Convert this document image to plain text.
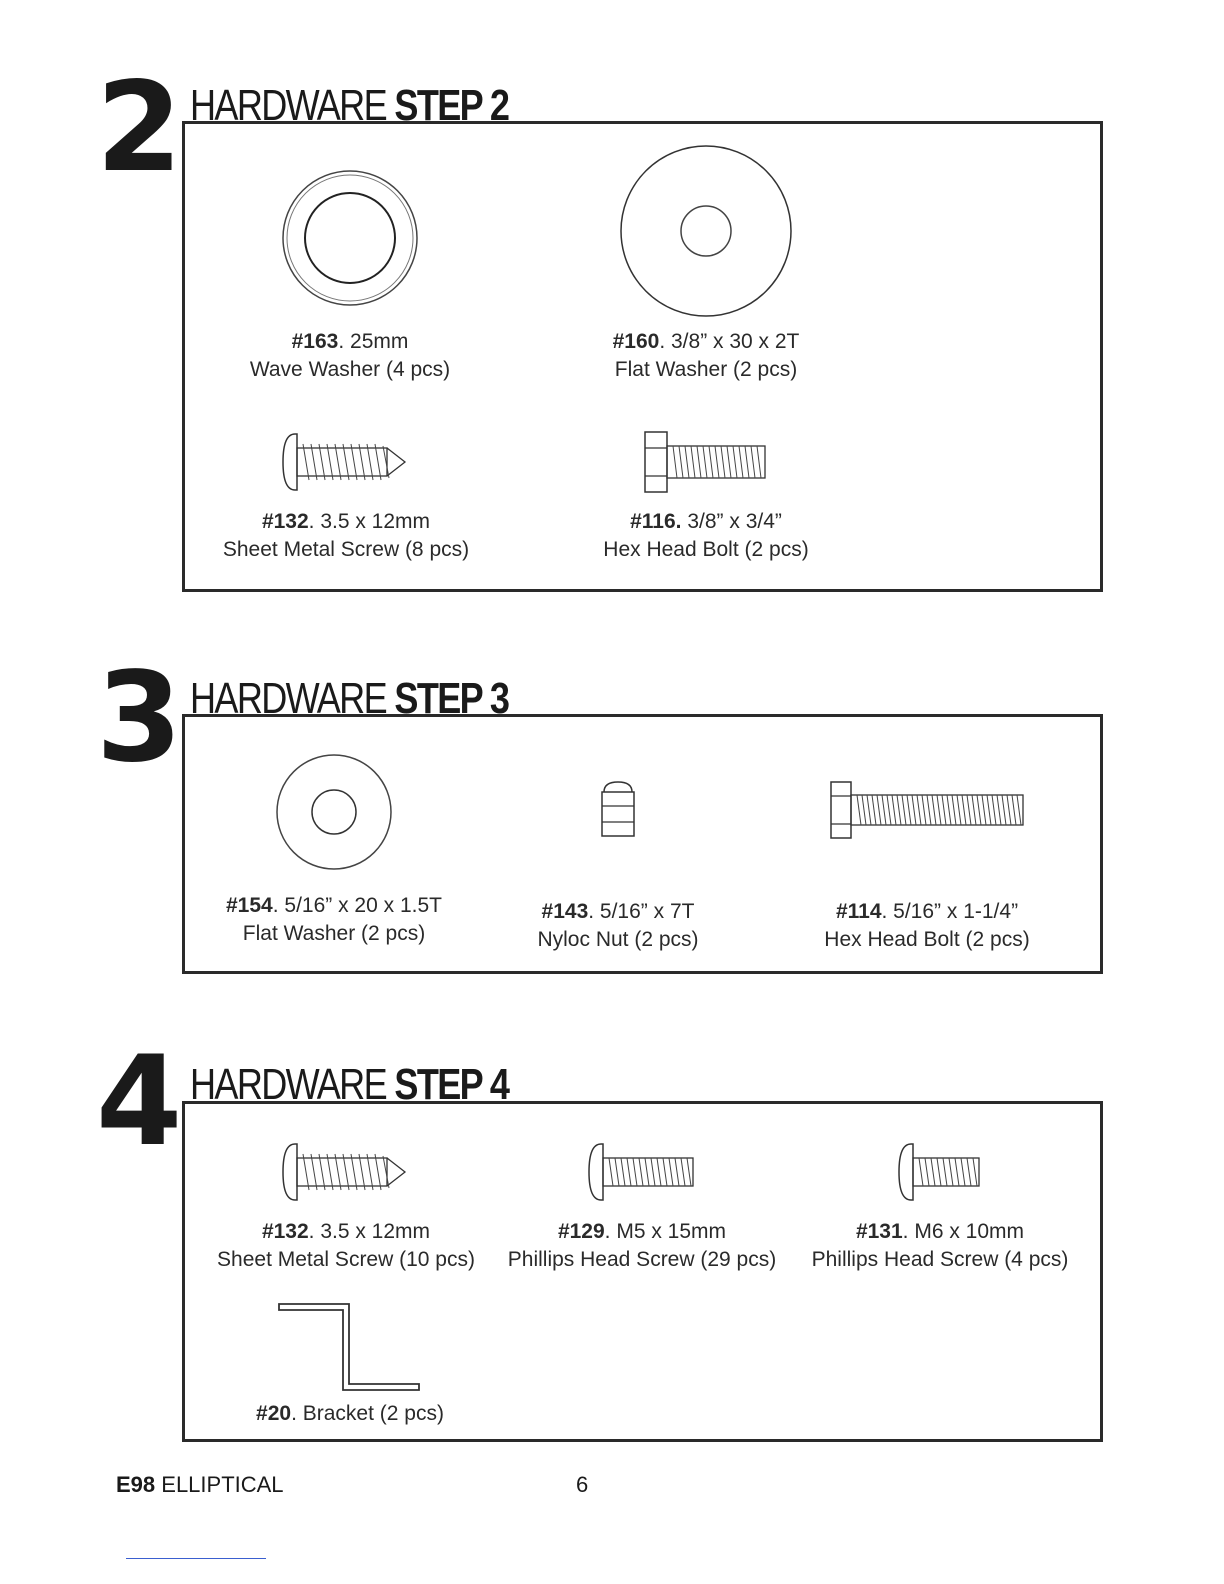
2 HARDWARE STEP 2
#163. 25mm
Wave Washer (4 pcs)
#160. 3/8” x 30 x 2T
Flat Washer (2 pcs)
#132. 3.5 x 12mm
Sheet Metal Screw (8 pcs)
#116. 3/8” x 3/4”
Hex Head Bolt (2 pcs)
3 HARDWARE STEP 3
#154. 5/16” x 20 x 1.5T
Flat Washer (2 pcs)
#143. 5/16” x 7T
Nyloc Nut (2 pcs)
#114. 5/16” x 1-1/4”
Hex Head Bolt (2 pcs)
4 HARDWARE STEP 4
#132. 3.5 x 12mm
Sheet Metal Screw (10 pcs)
#129. M5 x 15mm
Phillips Head Screw (29 pcs)
#131. M6 x 10mm
Phillips Head Screw (4 pcs)
#20. Bracket (2 pcs)
E98 ELLIPTICAL	6
